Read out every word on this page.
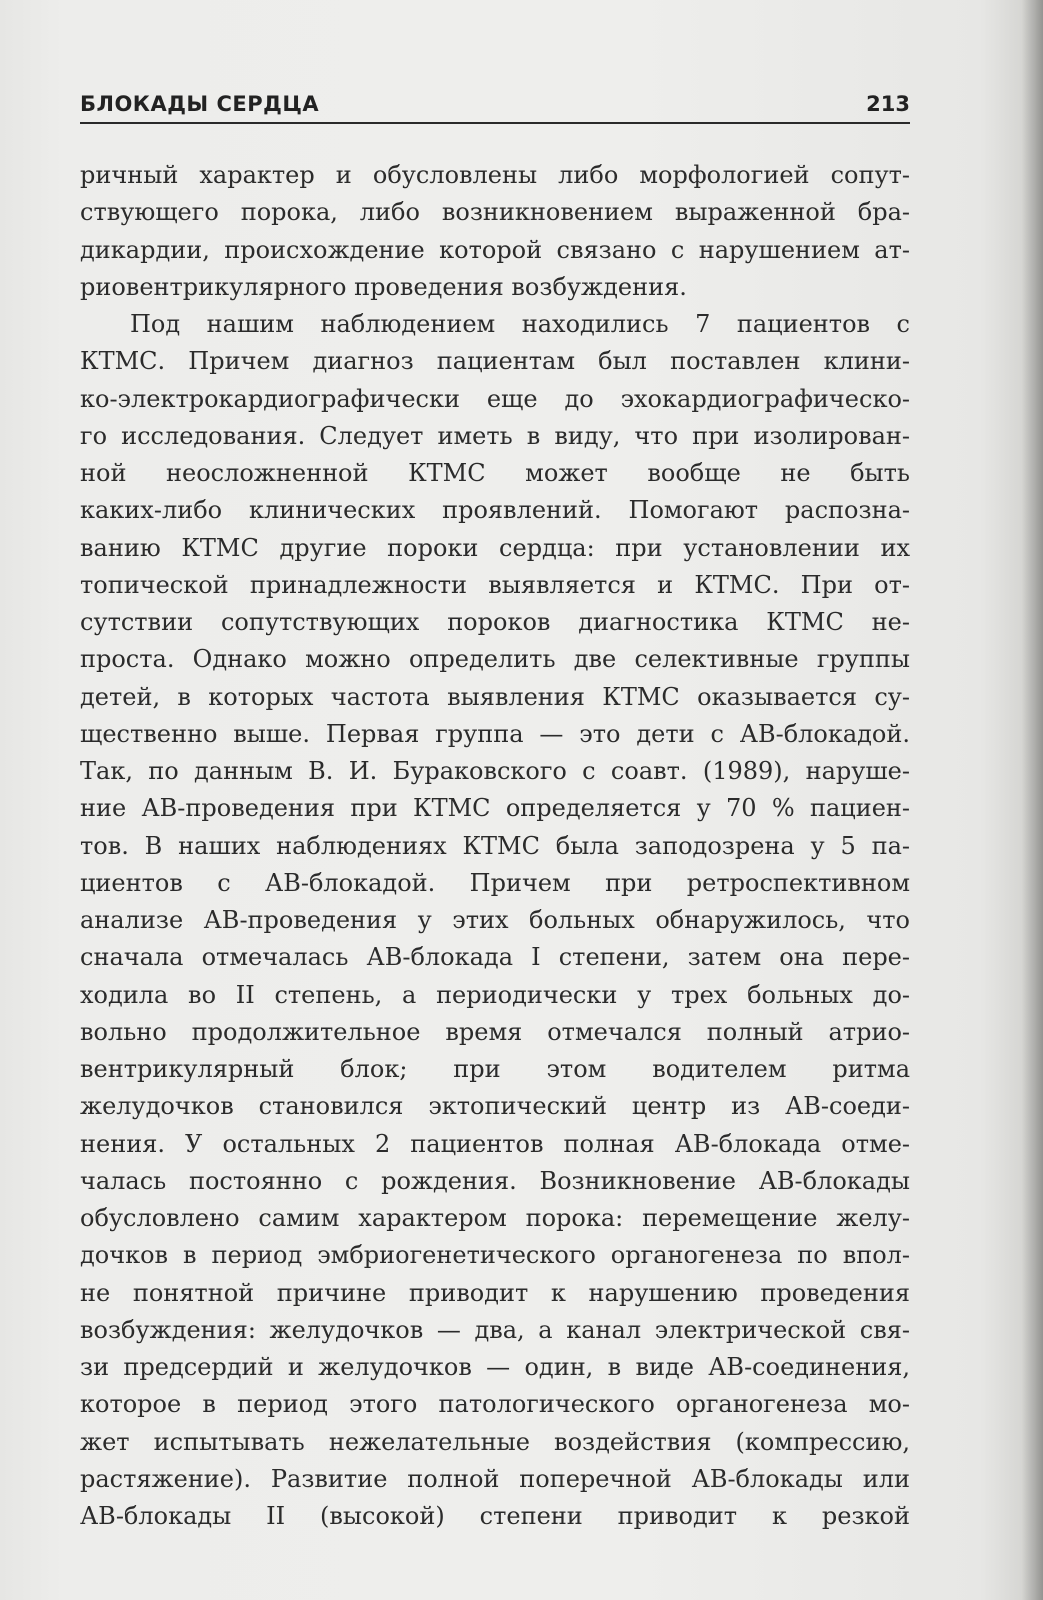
БЛОКАДЫ СЕРДЦА	213
ричный характер и обусловлены либо морфологией сопут-
ствующего порока, либо возникновением выраженной бра-
дикардии, происхождение которой связано с нарушением ат-
риовентрикулярного проведения возбуждения.
Под нашим наблюдением находились 7 пациентов с
КТМС. Причем диагноз пациентам был поставлен клини-
ко-электрокардиографически еще до эхокардиографическо-
го исследования. Следует иметь в виду, что при изолирован-
ной неосложненной КТМС может вообще не быть
каких-либо клинических проявлений. Помогают распозна-
ванию КТМС другие пороки сердца: при установлении их
топической принадлежности выявляется и КТМС. При от-
сутствии сопутствующих пороков диагностика КТМС не-
проста. Однако можно определить две селективные группы
детей, в которых частота выявления КТМС оказывается су-
щественно выше. Первая группа — это дети с АВ-блокадой.
Так, по данным В. И. Бураковского с соавт. (1989), наруше-
ние АВ-проведения при КТМС определяется у 70 % пациен-
тов. В наших наблюдениях КТМС была заподозрена у 5 па-
циентов с АВ-блокадой. Причем при ретроспективном
анализе АВ-проведения у этих больных обнаружилось, что
сначала отмечалась АВ-блокада I степени, затем она пере-
ходила во II степень, а периодически у трех больных до-
вольно продолжительное время отмечался полный атрио-
вентрикулярный блок; при этом водителем ритма
желудочков становился эктопический центр из АВ-соеди-
нения. У остальных 2 пациентов полная АВ-блокада отме-
чалась постоянно с рождения. Возникновение АВ-блокады
обусловлено самим характером порока: перемещение желу-
дочков в период эмбриогенетического органогенеза по впол-
не понятной причине приводит к нарушению проведения
возбуждения: желудочков — два, а канал электрической свя-
зи предсердий и желудочков — один, в виде АВ-соединения,
которое в период этого патологического органогенеза мо-
жет испытывать нежелательные воздействия (компрессию,
растяжение). Развитие полной поперечной АВ-блокады или
АВ-блокады II (высокой) степени приводит к резкой
